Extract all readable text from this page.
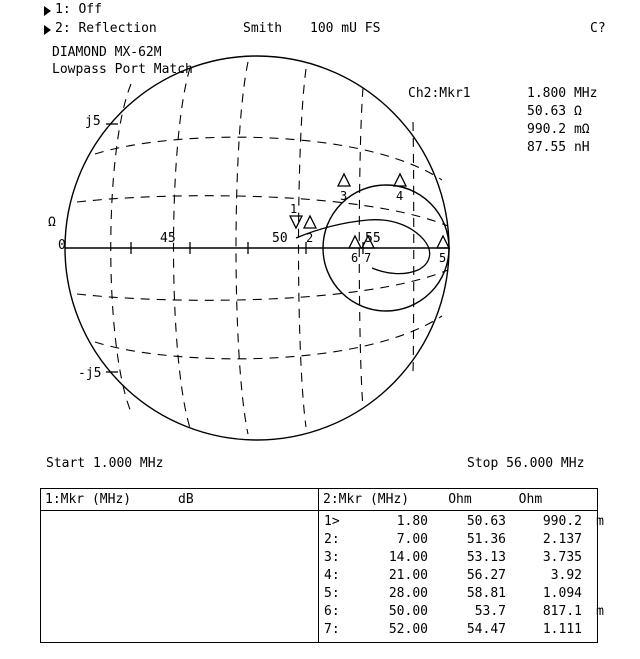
1: Off
2: Reflection	Smith 100 mU FS	C?
DIAMOND MX-62M
Lowpass Port Match
Ch2:Mkr1	1.800 MHz
50.63 Ω
990.2 mΩ
87.55 nH
1
2
3	4
5
6 7
j5
-j5
Ω
0	45	50	55
Start 1.000 MHz	Stop 56.000 MHz
1:Mkr (MHz)      dB	2:Mkr (MHz)     Ohm      Ohm
1>	1.80	50.63	990.2 m
2:	7.00	51.36	2.137
3:	14.00	53.13	3.735
4:	21.00	56.27	3.92
5:	28.00	58.81	1.094
6:	50.00	53.7	817.1 m
7:	52.00	54.47	1.111
